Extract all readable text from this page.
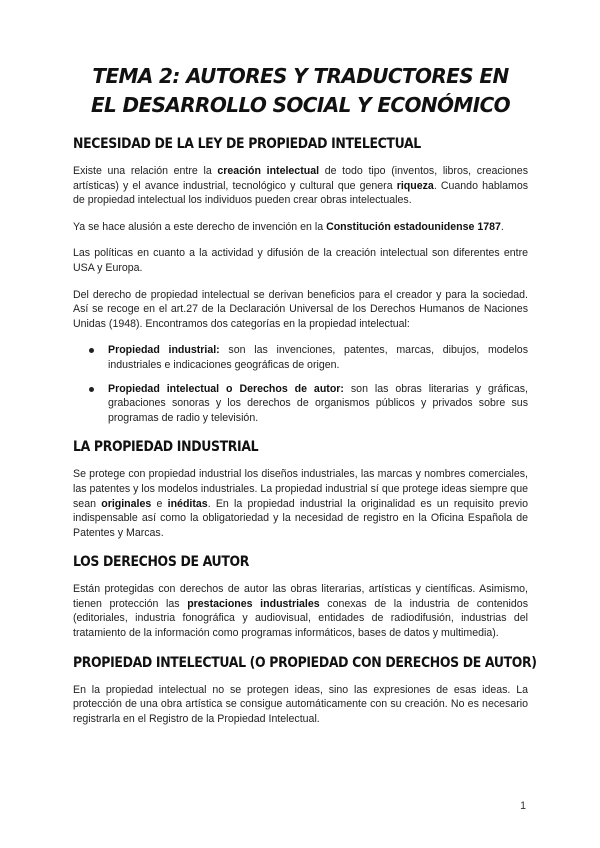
TEMA 2: AUTORES Y TRADUCTORES EN
EL DESARROLLO SOCIAL Y ECONÓMICO
NECESIDAD DE LA LEY DE PROPIEDAD INTELECTUAL

Existe una relación entre la creación intelectual de todo tipo (inventos, libros, creaciones artísticas) y el avance industrial, tecnológico y cultural que genera riqueza. Cuando hablamos de propiedad intelectual los individuos pueden crear obras intelectuales.

Ya se hace alusión a este derecho de invención en la Constitución estadounidense 1787.

Las políticas en cuanto a la actividad y difusión de la creación intelectual son diferentes entre USA y Europa.

Del derecho de propiedad intelectual se derivan beneficios para el creador y para la sociedad. Así se recoge en el art.27 de la Declaración Universal de los Derechos Humanos de Naciones Unidas (1948). Encontramos dos categorías en la propiedad intelectual:

Propiedad industrial: son las invenciones, patentes, marcas, dibujos, modelos industriales e indicaciones geográficas de origen.
Propiedad intelectual o Derechos de autor: son las obras literarias y gráficas, grabaciones sonoras y los derechos de organismos públicos y privados sobre sus programas de radio y televisión.
LA PROPIEDAD INDUSTRIAL

Se protege con propiedad industrial los diseños industriales, las marcas y nombres comerciales, las patentes y los modelos industriales. La propiedad industrial sí que protege ideas siempre que sean originales e inéditas. En la propiedad industrial la originalidad es un requisito previo indispensable así como la obligatoriedad y la necesidad de registro en la Oficina Española de Patentes y Marcas.

LOS DERECHOS DE AUTOR

Están protegidas con derechos de autor las obras literarias, artísticas y científicas. Asimismo, tienen protección las prestaciones industriales conexas de la industria de contenidos (editoriales, industria fonográfica y audiovisual, entidades de radiodifusión, industrias del tratamiento de la información como programas informáticos, bases de datos y multimedia).

PROPIEDAD INTELECTUAL (O PROPIEDAD CON DERECHOS DE AUTOR)

En la propiedad intelectual no se protegen ideas, sino las expresiones de esas ideas. La protección de una obra artística se consigue automáticamente con su creación. No es necesario registrarla en el Registro de la Propiedad Intelectual.

1
